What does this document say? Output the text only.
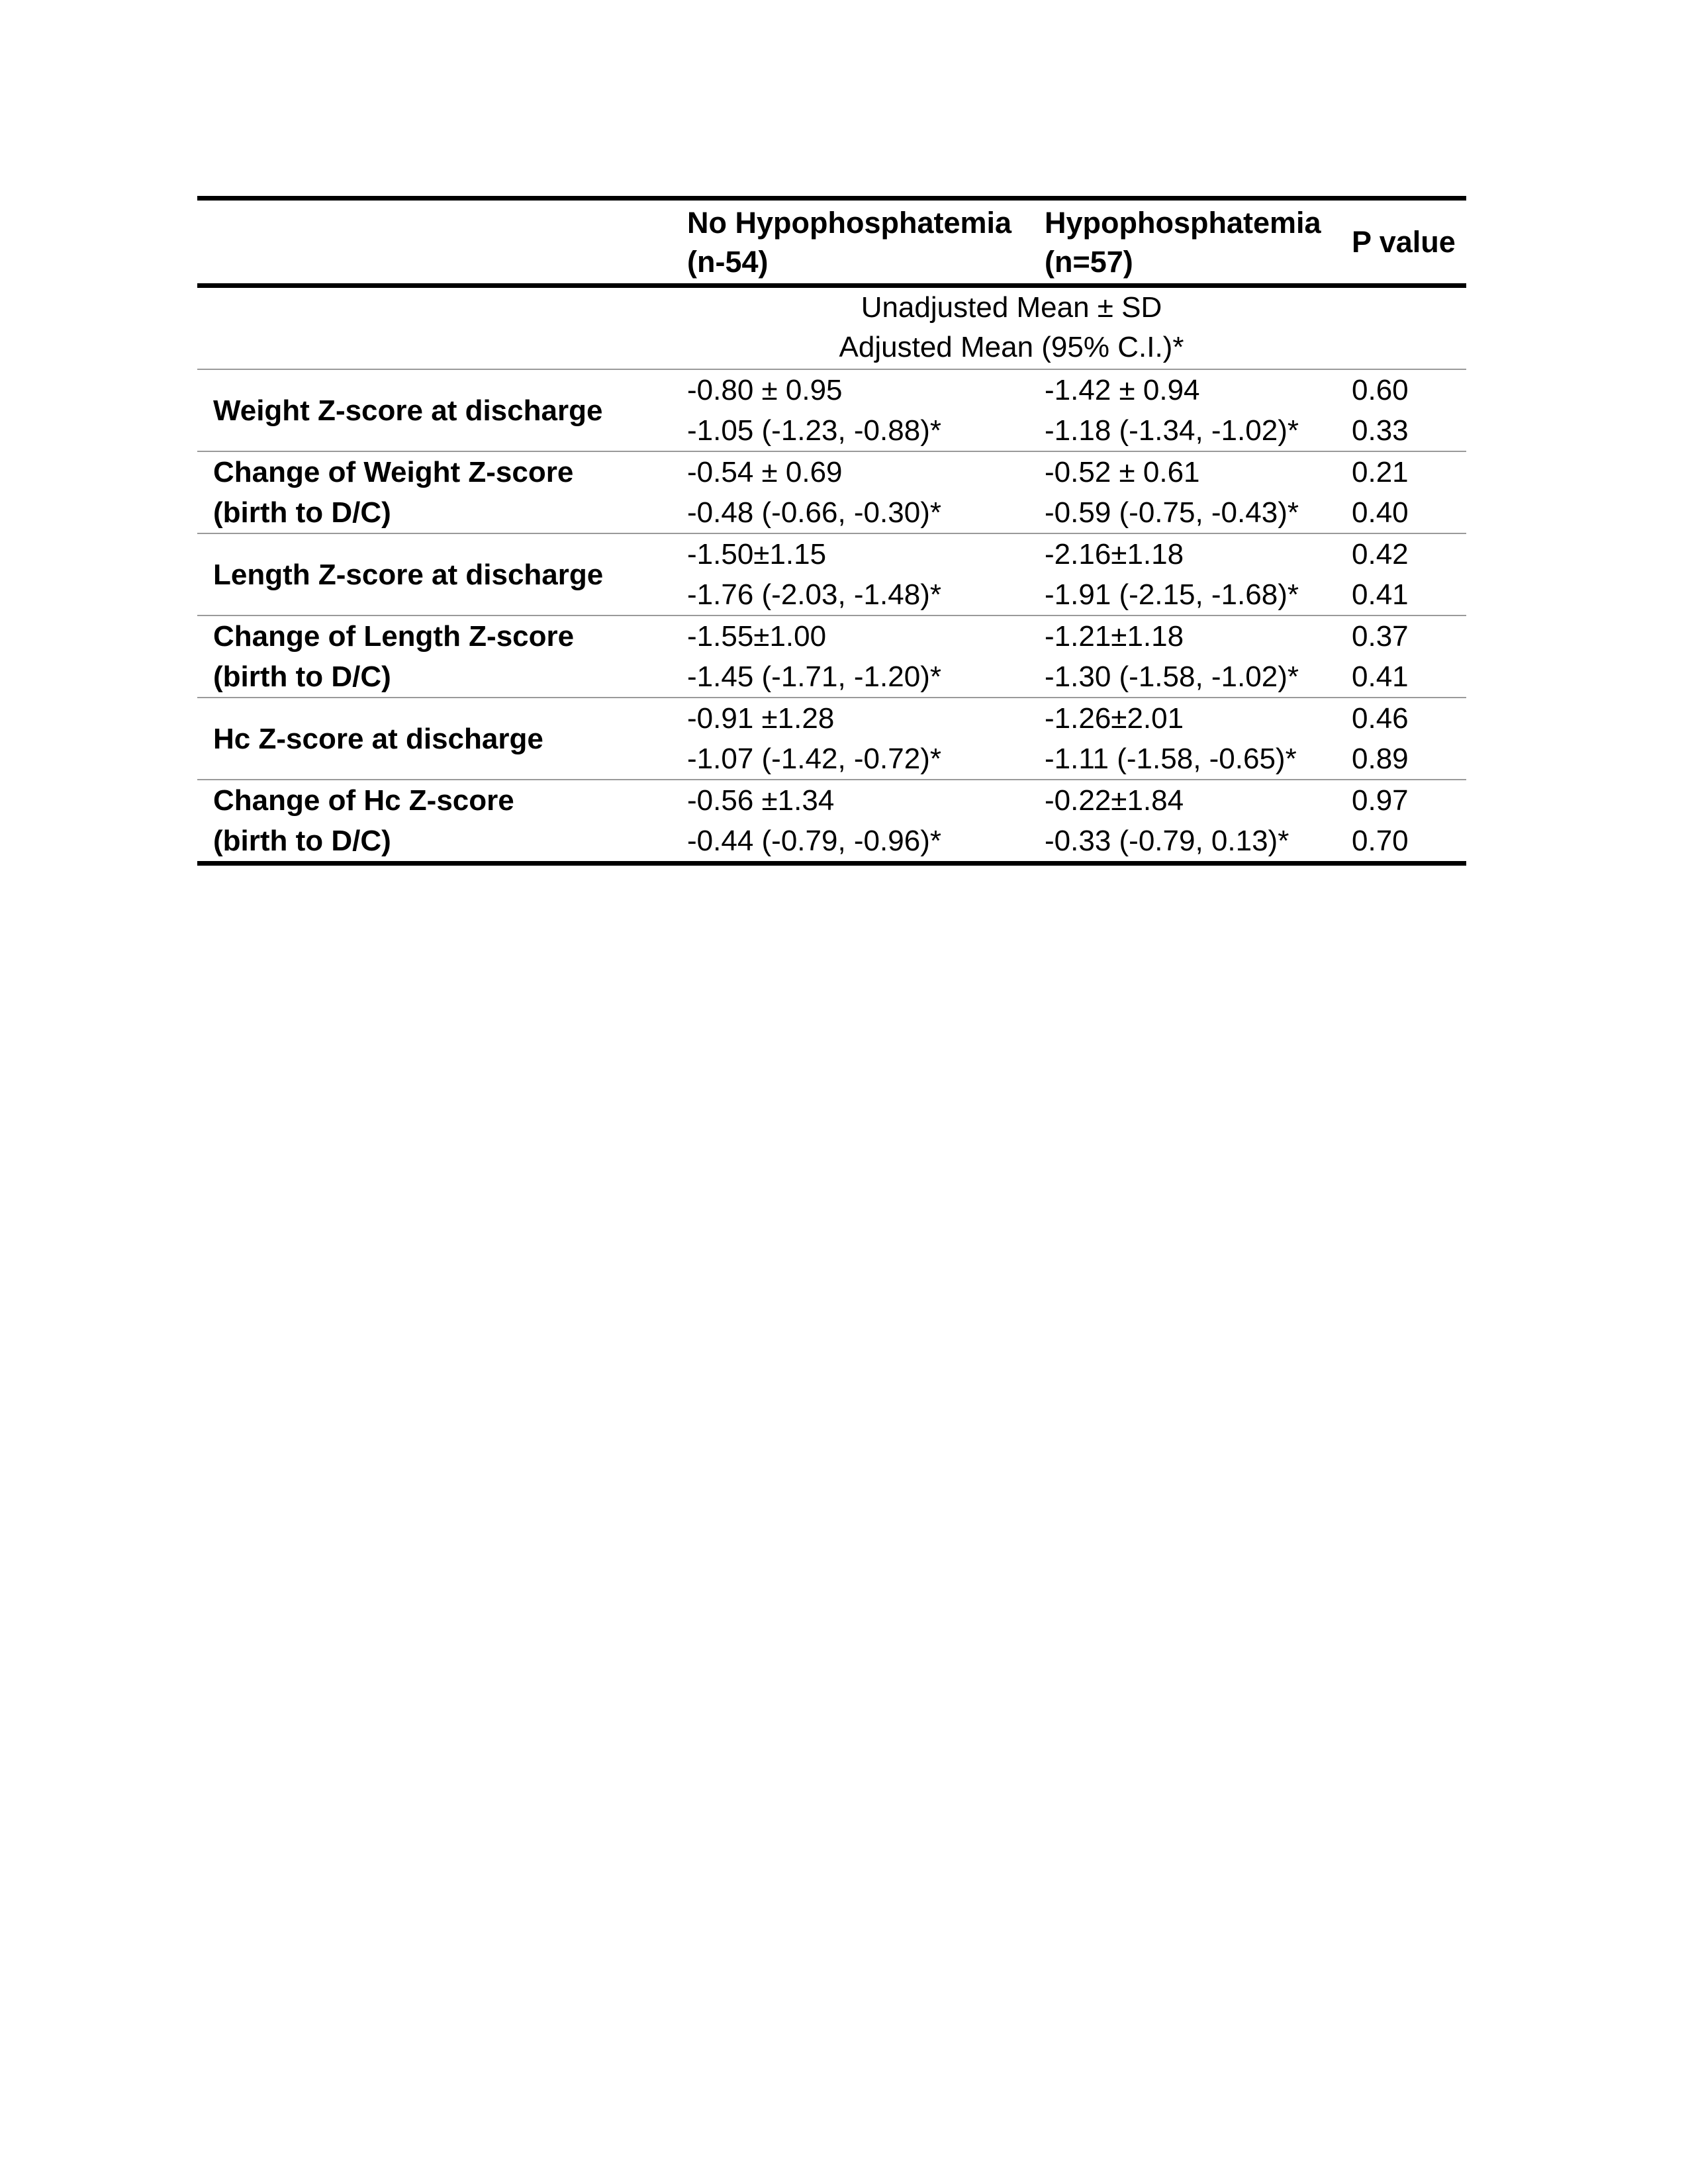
No Hypophosphatemia
(n-54)
Hypophosphatemia
(n=57)
P value
Unadjusted Mean ± SD
Adjusted Mean (95% C.I.)*
Weight Z-score at discharge
-0.80 ± 0.95
-1.05 (-1.23, -0.88)*
-1.42 ± 0.94
-1.18 (-1.34, -1.02)*
0.60
0.33
Change of Weight Z-score
(birth to D/C)
-0.54 ± 0.69
-0.48 (-0.66, -0.30)*
-0.52 ± 0.61
-0.59 (-0.75, -0.43)*
0.21
0.40
Length Z-score at discharge
-1.50±1.15
-1.76 (-2.03, -1.48)*
-2.16±1.18
-1.91 (-2.15, -1.68)*
0.42
0.41
Change of Length Z-score
(birth to D/C)
-1.55±1.00
-1.45 (-1.71, -1.20)*
-1.21±1.18
-1.30 (-1.58, -1.02)*
0.37
0.41
Hc Z-score at discharge
-0.91 ±1.28
-1.07 (-1.42, -0.72)*
-1.26±2.01
-1.11 (-1.58, -0.65)*
0.46
0.89
Change of Hc Z-score
(birth to D/C)
-0.56 ±1.34
-0.44 (-0.79, -0.96)*
-0.22±1.84
-0.33 (-0.79, 0.13)*
0.97
0.70
